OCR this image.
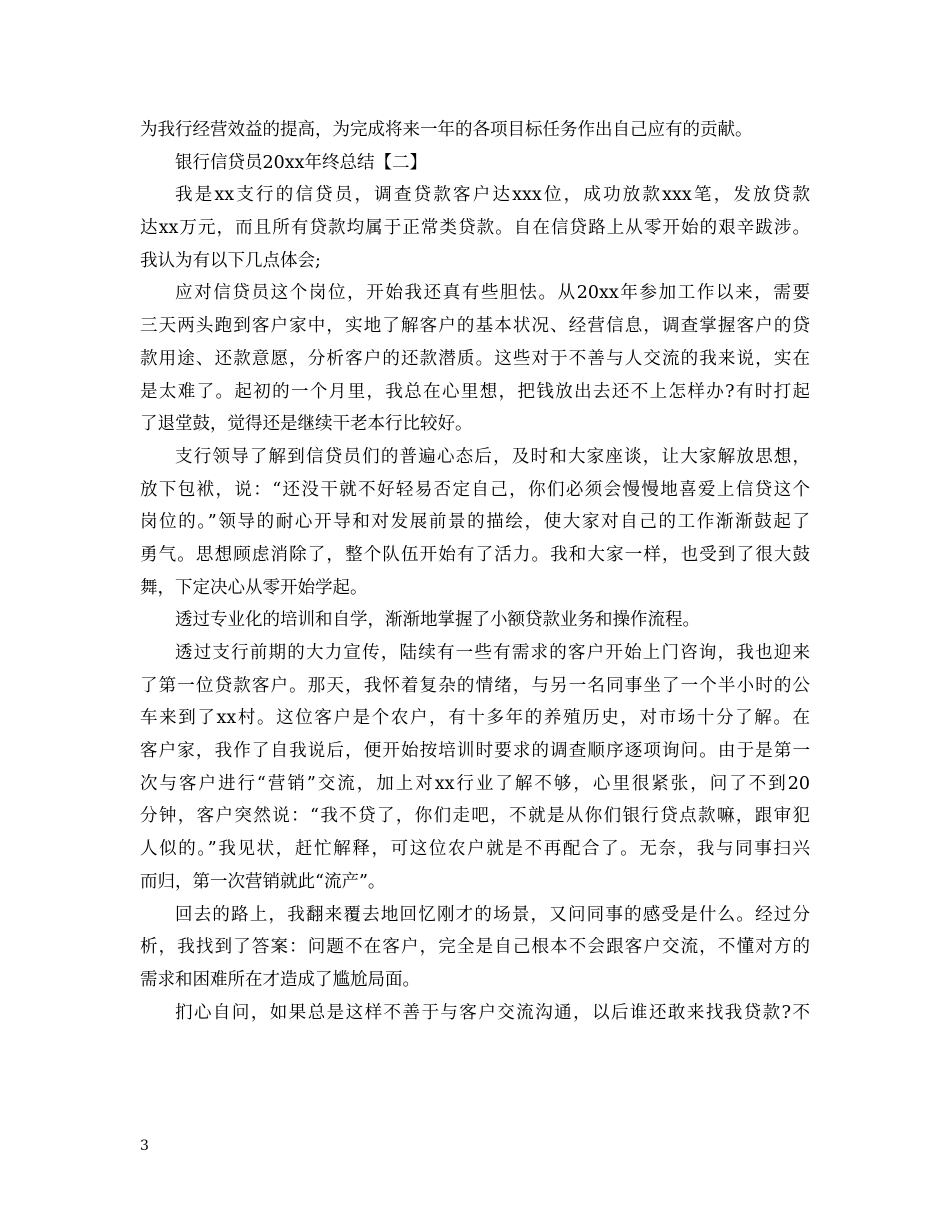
为我行经营效益的提高，为完成将来一年的各项目标任务作出自己应有的贡献。
银行信贷员20xx年终总结【二】
我是xx支行的信贷员，调查贷款客户达xxx位，成功放款xxx笔，发放贷款
达xx万元，而且所有贷款均属于正常类贷款。自在信贷路上从零开始的艰辛跋涉。
我认为有以下几点体会;
应对信贷员这个岗位，开始我还真有些胆怯。从20xx年参加工作以来，需要
三天两头跑到客户家中，实地了解客户的基本状况、经营信息，调查掌握客户的贷
款用途、还款意愿，分析客户的还款潜质。这些对于不善与人交流的我来说，实在
是太难了。起初的一个月里，我总在心里想，把钱放出去还不上怎样办?有时打起
了退堂鼓，觉得还是继续干老本行比较好。
支行领导了解到信贷员们的普遍心态后，及时和大家座谈，让大家解放思想，
放下包袱，说：“还没干就不好轻易否定自己，你们必须会慢慢地喜爱上信贷这个
岗位的。”领导的耐心开导和对发展前景的描绘，使大家对自己的工作渐渐鼓起了
勇气。思想顾虑消除了，整个队伍开始有了活力。我和大家一样，也受到了很大鼓
舞，下定决心从零开始学起。
透过专业化的培训和自学，渐渐地掌握了小额贷款业务和操作流程。
透过支行前期的大力宣传，陆续有一些有需求的客户开始上门咨询，我也迎来
了第一位贷款客户。那天，我怀着复杂的情绪，与另一名同事坐了一个半小时的公
车来到了xx村。这位客户是个农户，有十多年的养殖历史，对市场十分了解。在
客户家，我作了自我说后，便开始按培训时要求的调查顺序逐项询问。由于是第一
次与客户进行“营销”交流，加上对xx行业了解不够，心里很紧张，问了不到20
分钟，客户突然说：“我不贷了，你们走吧，不就是从你们银行贷点款嘛，跟审犯
人似的。”我见状，赶忙解释，可这位农户就是不再配合了。无奈，我与同事扫兴
而归，第一次营销就此“流产”。
回去的路上，我翻来覆去地回忆刚才的场景，又问同事的感受是什么。经过分
析，我找到了答案：问题不在客户，完全是自己根本不会跟客户交流，不懂对方的
需求和困难所在才造成了尴尬局面。
扪心自问，如果总是这样不善于与客户交流沟通，以后谁还敢来找我贷款?不
3
